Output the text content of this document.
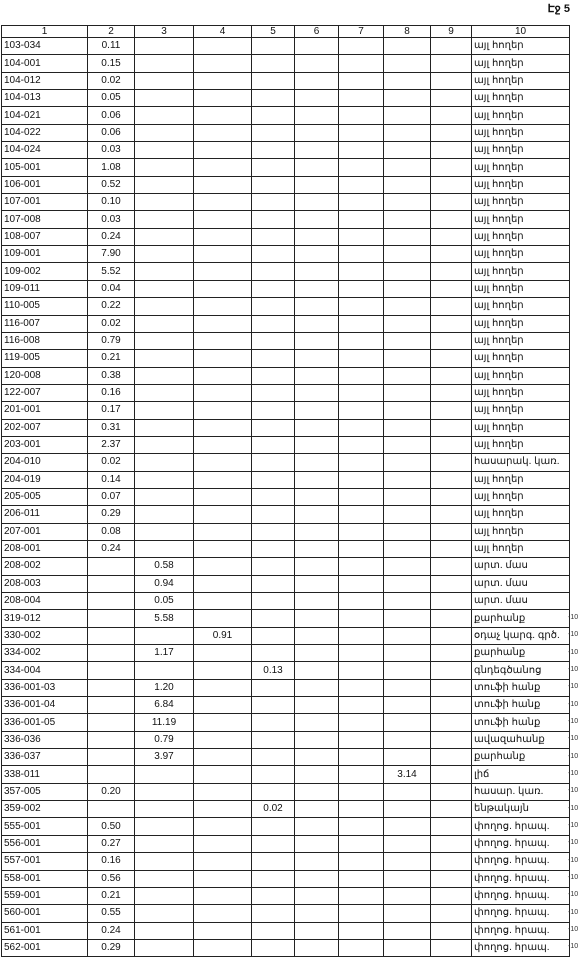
Էջ 5
1	2	3	4	5	6	7	8	9	10
103-034	0.11								այլ հողեր
104-001	0.15								այլ հողեր
104-012	0.02								այլ հողեր
104-013	0.05								այլ հողեր
104-021	0.06								այլ հողեր
104-022	0.06								այլ հողեր
104-024	0.03								այլ հողեր
105-001	1.08								այլ հողեր
106-001	0.52								այլ հողեր
107-001	0.10								այլ հողեր
107-008	0.03								այլ հողեր
108-007	0.24								այլ հողեր
109-001	7.90								այլ հողեր
109-002	5.52								այլ հողեր
109-011	0.04								այլ հողեր
110-005	0.22								այլ հողեր
116-007	0.02								այլ հողեր
116-008	0.79								այլ հողեր
119-005	0.21								այլ հողեր
120-008	0.38								այլ հողեր
122-007	0.16								այլ հողեր
201-001	0.17								այլ հողեր
202-007	0.31								այլ հողեր
203-001	2.37								այլ հողեր
204-010	0.02								հասարակ. կառ.
204-019	0.14								այլ հողեր
205-005	0.07								այլ հողեր
206-011	0.29								այլ հողեր
207-001	0.08								այլ հողեր
208-001	0.24								այլ հողեր
208-002		0.58							արտ. մաս
208-003		0.94							արտ. մաս
208-004		0.05							արտ. մաս
319-012		5.58							քարհանք
330-002			0.91						օդաչ կարգ. գրծ.
334-002		1.17							քարհանք
334-004				0.13					գնդեգծանոց
336-001-03		1.20							տուֆի հանք
336-001-04		6.84							տուֆի հանք
336-001-05		11.19							տուֆի հանք
336-036		0.79							ավազահանք
336-037		3.97							քարհանք
338-011							3.14		լիճ
357-005	0.20								հասար. կառ.
359-002				0.02					ենթակայն
555-001	0.50								փողոց. հրապ.
556-001	0.27								փողոց. հրապ.
557-001	0.16								փողոց. հրապ.
558-001	0.56								փողոց. հրապ.
559-001	0.21								փողոց. հրապ.
560-001	0.55								փողոց. հրապ.
561-001	0.24								փողոց. հրապ.
562-001	0.29								փողոց. հրապ.
-10
-10
-10
-10
-10
-10
-10
-10
-10
-10
-10
-10
-10
-10
-10
-10
-10
-10
-10
-10
